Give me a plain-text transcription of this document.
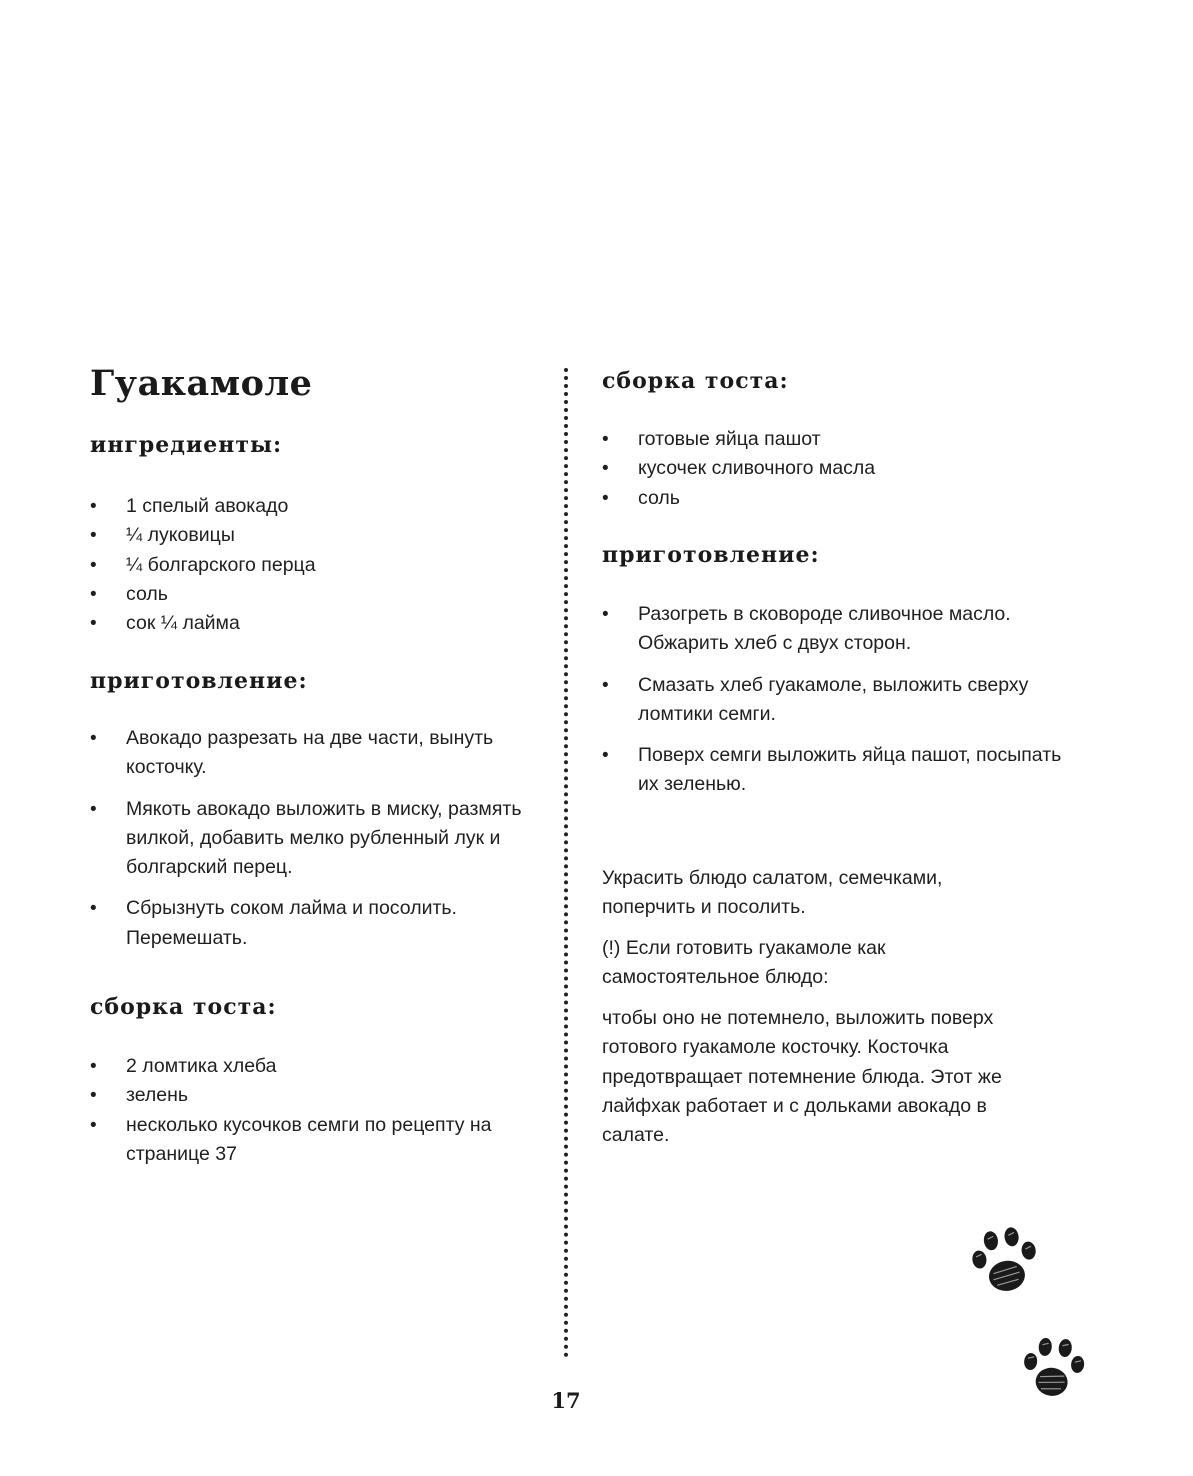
Гуакамоле
ингредиенты:
• 1 спелый авокадо
• ¼ луковицы
• ¼ болгарского перца
• соль
• сок ¼ лайма
приготовление:
• Авокадо разрезать на две части, вынуть косточку.
• Мякоть авокадо выложить в миску, размять вилкой, добавить мелко рубленный лук и болгарский перец.
• Сбрызнуть соком лайма и посолить. Перемешать.
сборка тоста:
• 2 ломтика хлеба
• зелень
• несколько кусочков семги по рецепту на странице 37
сборка тоста:
• готовые яйца пашот
• кусочек сливочного масла
• соль
приготовление:
• Разогреть в сковороде сливочное масло. Обжарить хлеб с двух сторон.
• Смазать хлеб гуакамоле, выложить сверху ломтики семги.
• Поверх семги выложить яйца пашот, посыпать их зеленью.

Украсить блюдо салатом, семечками, поперчить и посолить.

(!) Если готовить гуакамоле как самостоятельное блюдо:

чтобы оно не потемнело, выложить поверх готового гуакамоле косточку. Косточка предотвращает потемнение блюда. Этот же лайфхак работает и с дольками авокадо в салате.

17
